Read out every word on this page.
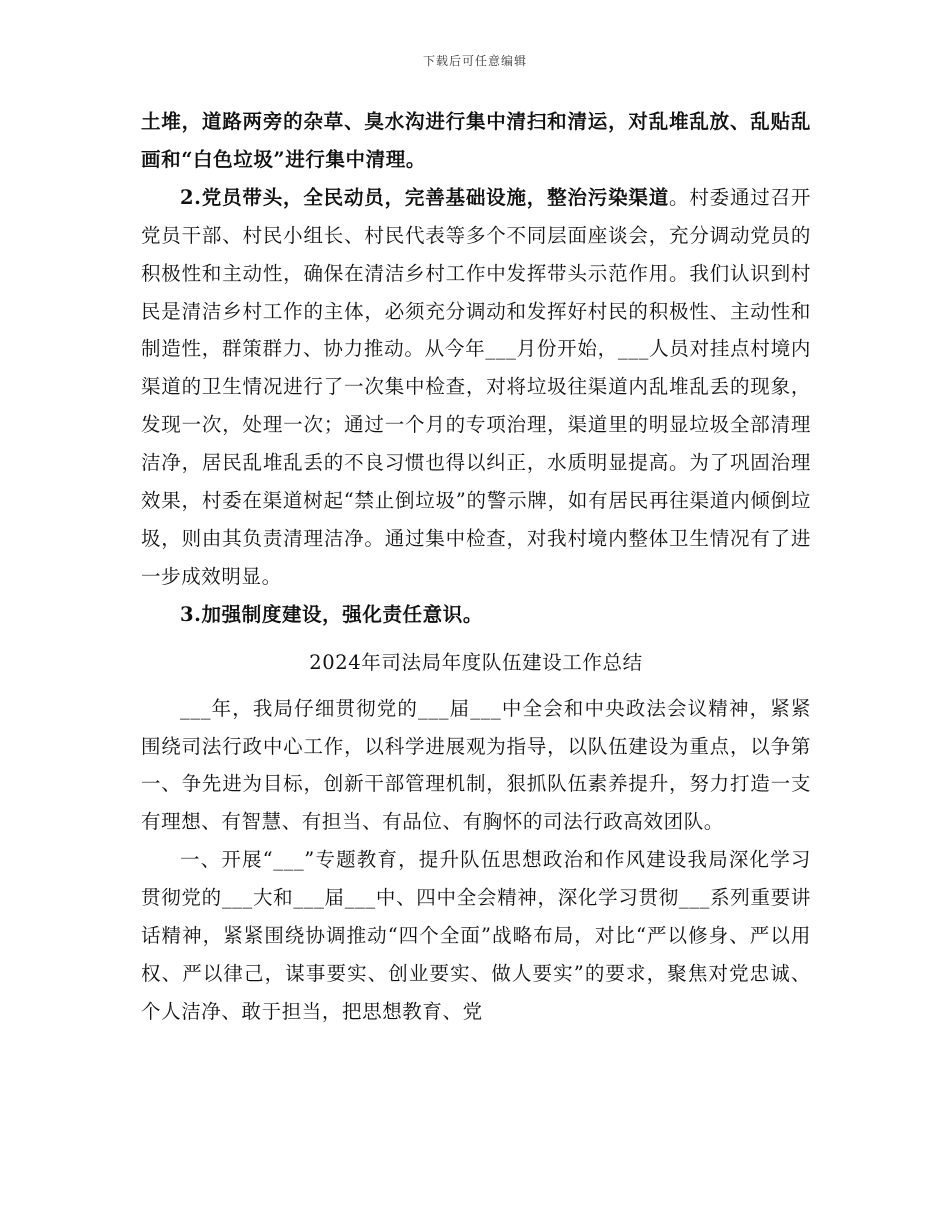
下载后可任意编辑

土堆，道路两旁的杂草、臭水沟进行集中清扫和清运，对乱堆乱放、乱贴乱画和“白色垃圾”进行集中清理。

2.党员带头，全民动员，完善基础设施，整治污染渠道。村委通过召开党员干部、村民小组长、村民代表等多个不同层面座谈会，充分调动党员的积极性和主动性，确保在清洁乡村工作中发挥带头示范作用。我们认识到村民是清洁乡村工作的主体，必须充分调动和发挥好村民的积极性、主动性和制造性，群策群力、协力推动。从今年___月份开始，___人员对挂点村境内渠道的卫生情况进行了一次集中检查，对将垃圾往渠道内乱堆乱丢的现象，发现一次，处理一次；通过一个月的专项治理，渠道里的明显垃圾全部清理洁净，居民乱堆乱丢的不良习惯也得以纠正，水质明显提高。为了巩固治理效果，村委在渠道树起“禁止倒垃圾”的警示牌，如有居民再往渠道内倾倒垃圾，则由其负责清理洁净。通过集中检查，对我村境内整体卫生情况有了进一步成效明显。

3.加强制度建设，强化责任意识。

2024年司法局年度队伍建设工作总结

___年，我局仔细贯彻党的___届___中全会和中央政法会议精神，紧紧围绕司法行政中心工作，以科学进展观为指导，以队伍建设为重点，以争第一、争先进为目标，创新干部管理机制，狠抓队伍素养提升，努力打造一支有理想、有智慧、有担当、有品位、有胸怀的司法行政高效团队。

一、开展“___”专题教育，提升队伍思想政治和作风建设我局深化学习贯彻党的___大和___届___中、四中全会精神，深化学习贯彻___系列重要讲话精神，紧紧围绕协调推动“四个全面”战略布局，对比“严以修身、严以用权、严以律己，谋事要实、创业要实、做人要实”的要求，聚焦对党忠诚、个人洁净、敢于担当，把思想教育、党
